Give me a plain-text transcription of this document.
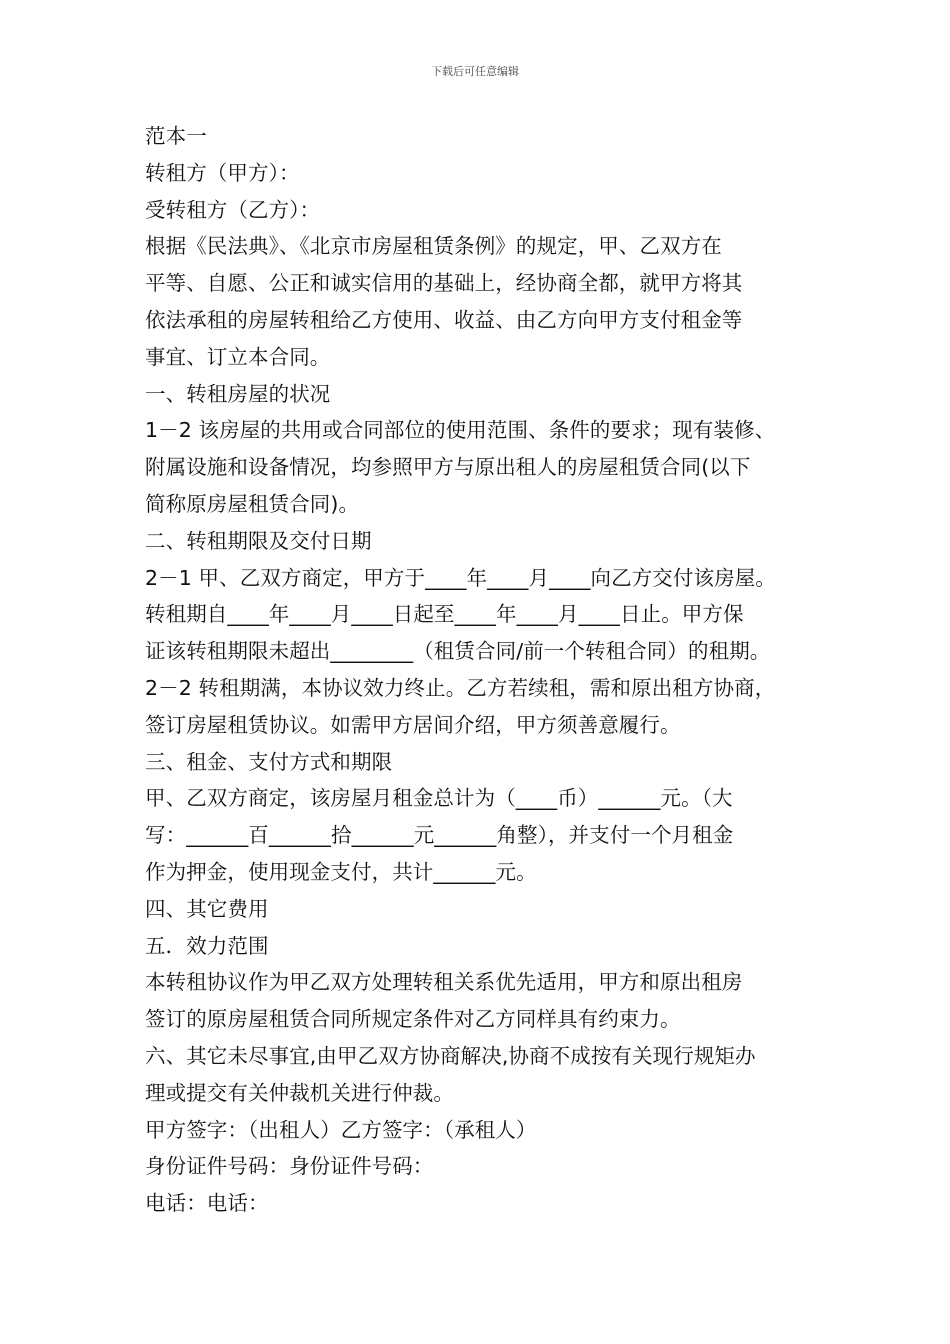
下载后可任意编辑
范本一
转租方（甲方）：
受转租方（乙方）：
根据《民法典》、《北京市房屋租赁条例》的规定，甲、乙双方在
平等、自愿、公正和诚实信用的基础上，经协商全都，就甲方将其
依法承租的房屋转租给乙方使用、收益、由乙方向甲方支付租金等
事宜、订立本合同。
一、转租房屋的状况
1－2 该房屋的共用或合同部位的使用范围、条件的要求；现有装修、
附属设施和设备情况，均参照甲方与原出租人的房屋租赁合同(以下
简称原房屋租赁合同)。
二、转租期限及交付日期
2－1 甲、乙双方商定，甲方于____年____月____向乙方交付该房屋。
转租期自____年____月____日起至____年____月____日止。甲方保
证该转租期限未超出________（租赁合同/前一个转租合同）的租期。
2－2 转租期满，本协议效力终止。乙方若续租，需和原出租方协商，
签订房屋租赁协议。如需甲方居间介绍，甲方须善意履行。
三、租金、支付方式和期限
甲、乙双方商定，该房屋月租金总计为（____币）______元。（大
写：______百______拾______元______角整），并支付一个月租金
作为押金，使用现金支付，共计______元。
四、其它费用
五．效力范围
本转租协议作为甲乙双方处理转租关系优先适用，甲方和原出租房
签订的原房屋租赁合同所规定条件对乙方同样具有约束力。
六、其它未尽事宜,由甲乙双方协商解决,协商不成按有关现行规矩办
理或提交有关仲裁机关进行仲裁。
甲方签字：（出租人）乙方签字：（承租人）
身份证件号码：身份证件号码：
电话：电话：
